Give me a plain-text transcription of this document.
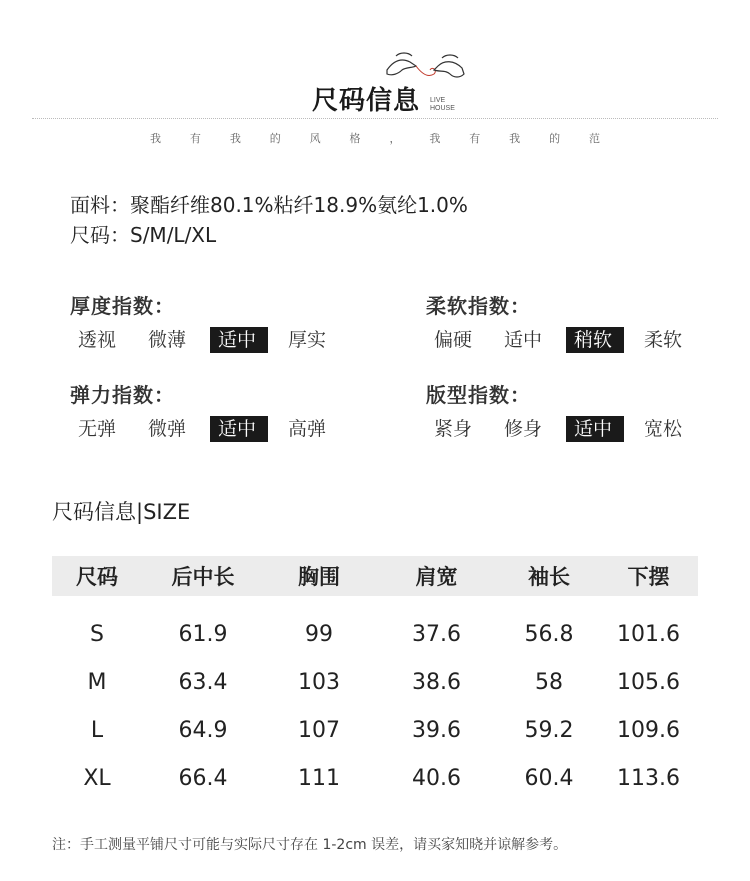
尺码信息 LIVE
HOUSE
我	有	我	的	风	格	，	我	有	我	的	范
面料：聚酯纤维80.1%粘纤18.9%氨纶1.0%
尺码：S/M/L/XL
厚度指数：
透视	微薄	适中	厚实
柔软指数：
偏硬	适中	稍软	柔软
弹力指数：
无弹	微弹	适中	高弹
版型指数：
紧身	修身	适中	宽松
尺码信息|SIZE
尺码	后中长	胸围	肩宽	袖长	下摆
S	61.9	99	37.6	56.8	101.6
M	63.4	103	38.6	58	105.6
L	64.9	107	39.6	59.2	109.6
XL	66.4	111	40.6	60.4	113.6
注：手工测量平铺尺寸可能与实际尺寸存在 1-2cm 误差，请买家知晓并谅解参考。
